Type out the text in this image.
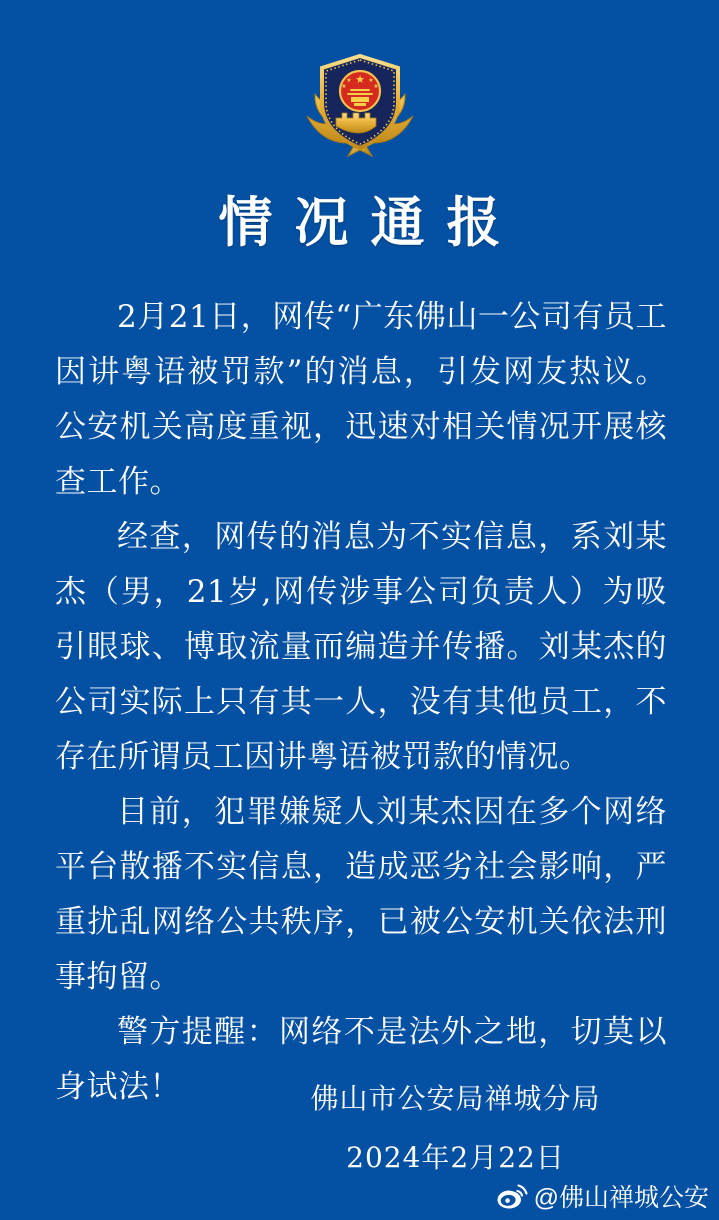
★
★	★
★	★
情况通报

2月21日，网传“广东佛山一公司有员工因讲粤语被罚款”的消息，引发网友热议。公安机关高度重视，迅速对相关情况开展核查工作。

经查，网传的消息为不实信息，系刘某杰（男，21岁,网传涉事公司负责人）为吸引眼球、博取流量而编造并传播。刘某杰的公司实际上只有其一人，没有其他员工，不存在所谓员工因讲粤语被罚款的情况。

目前，犯罪嫌疑人刘某杰因在多个网络平台散播不实信息，造成恶劣社会影响，严重扰乱网络公共秩序，已被公安机关依法刑事拘留。

警方提醒：网络不是法外之地，切莫以身试法！	佛山市公安局禅城分局
2024年2月22日
@佛山禅城公安
